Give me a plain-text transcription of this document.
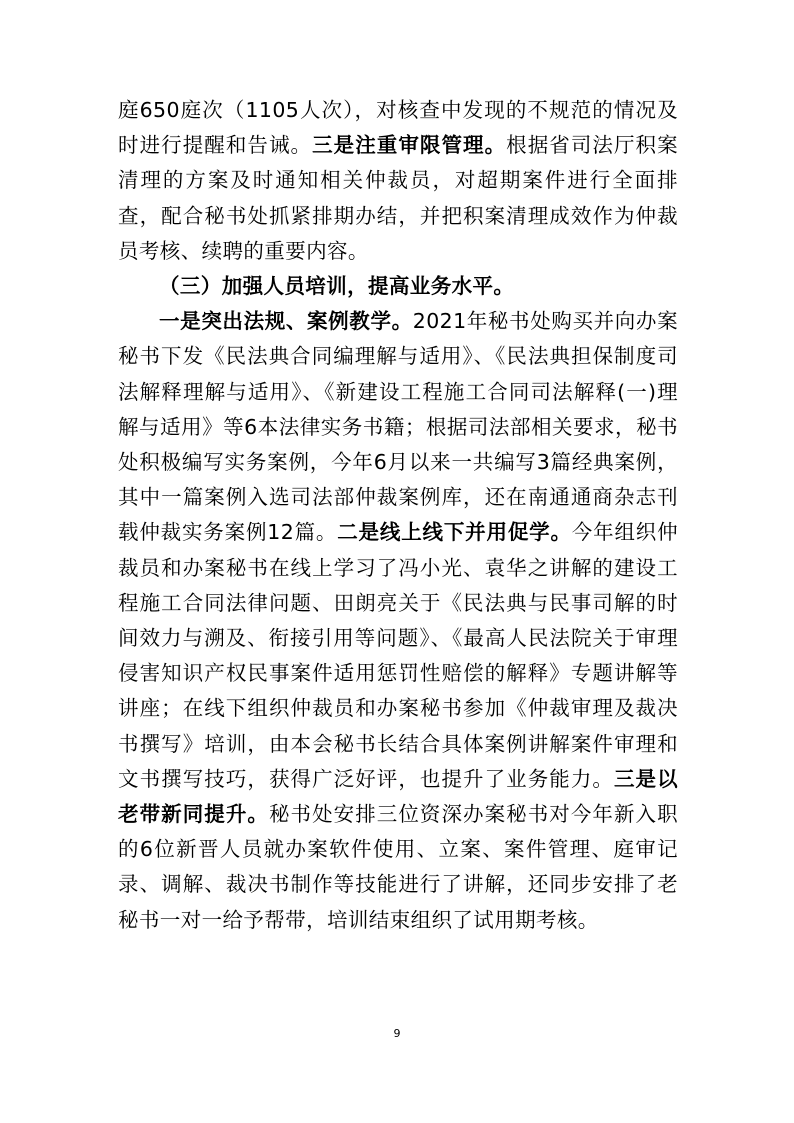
庭650庭次（1105人次），对核查中发现的不规范的情况及时进行提醒和告诫。三是注重审限管理。根据省司法厅积案清理的方案及时通知相关仲裁员，对超期案件进行全面排查，配合秘书处抓紧排期办结，并把积案清理成效作为仲裁员考核、续聘的重要内容。

（三）加强人员培训，提高业务水平。

一是突出法规、案例教学。2021年秘书处购买并向办案秘书下发《民法典合同编理解与适用》、《民法典担保制度司法解释理解与适用》、《新建设工程施工合同司法解释(一)理解与适用》等6本法律实务书籍；根据司法部相关要求，秘书处积极编写实务案例，今年6月以来一共编写3篇经典案例，其中一篇案例入选司法部仲裁案例库，还在南通通商杂志刊载仲裁实务案例12篇。二是线上线下并用促学。今年组织仲裁员和办案秘书在线上学习了冯小光、袁华之讲解的建设工程施工合同法律问题、田朗亮关于《民法典与民事司解的时间效力与溯及、衔接引用等问题》、《最高人民法院关于审理侵害知识产权民事案件适用惩罚性赔偿的解释》专题讲解等讲座；在线下组织仲裁员和办案秘书参加《仲裁审理及裁决书撰写》培训，由本会秘书长结合具体案例讲解案件审理和文书撰写技巧，获得广泛好评，也提升了业务能力。三是以老带新同提升。秘书处安排三位资深办案秘书对今年新入职的6位新晋人员就办案软件使用、立案、案件管理、庭审记录、调解、裁决书制作等技能进行了讲解，还同步安排了老秘书一对一给予帮带，培训结束组织了试用期考核。

9
